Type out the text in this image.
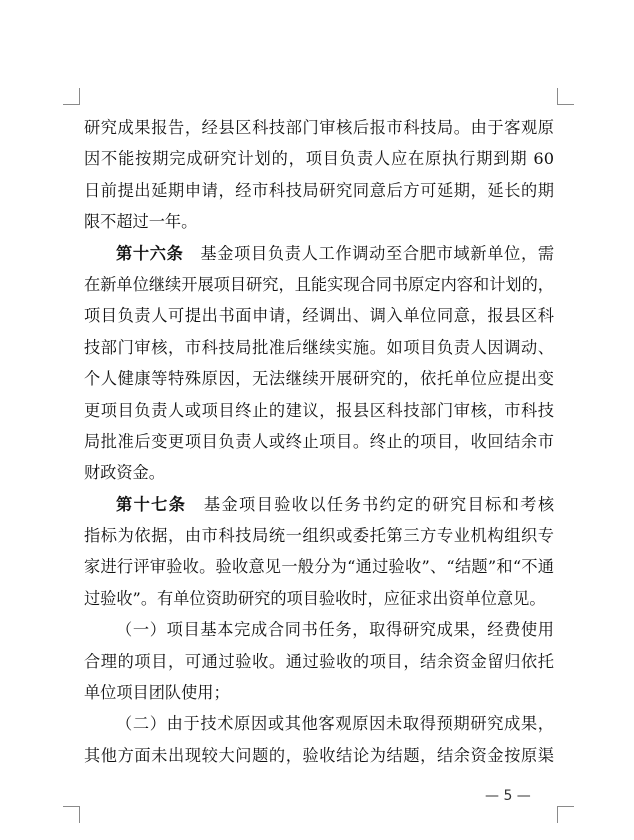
研究成果报告，经县区科技部门审核后报市科技局。由于客观原
因不能按期完成研究计划的，项目负责人应在原执行期到期 60
日前提出延期申请，经市科技局研究同意后方可延期，延长的期
限不超过一年。
第十六条　基金项目负责人工作调动至合肥市域新单位，需
在新单位继续开展项目研究，且能实现合同书原定内容和计划的，
项目负责人可提出书面申请，经调出、调入单位同意，报县区科
技部门审核，市科技局批准后继续实施。如项目负责人因调动、
个人健康等特殊原因，无法继续开展研究的，依托单位应提出变
更项目负责人或项目终止的建议，报县区科技部门审核，市科技
局批准后变更项目负责人或终止项目。终止的项目，收回结余市
财政资金。
第十七条　基金项目验收以任务书约定的研究目标和考核
指标为依据，由市科技局统一组织或委托第三方专业机构组织专
家进行评审验收。验收意见一般分为“通过验收”、“结题”和“不通
过验收”。有单位资助研究的项目验收时，应征求出资单位意见。
（一）项目基本完成合同书任务，取得研究成果，经费使用
合理的项目，可通过验收。通过验收的项目，结余资金留归依托
单位项目团队使用；
（二）由于技术原因或其他客观原因未取得预期研究成果，
其他方面未出现较大问题的，验收结论为结题，结余资金按原渠
— 5 —
